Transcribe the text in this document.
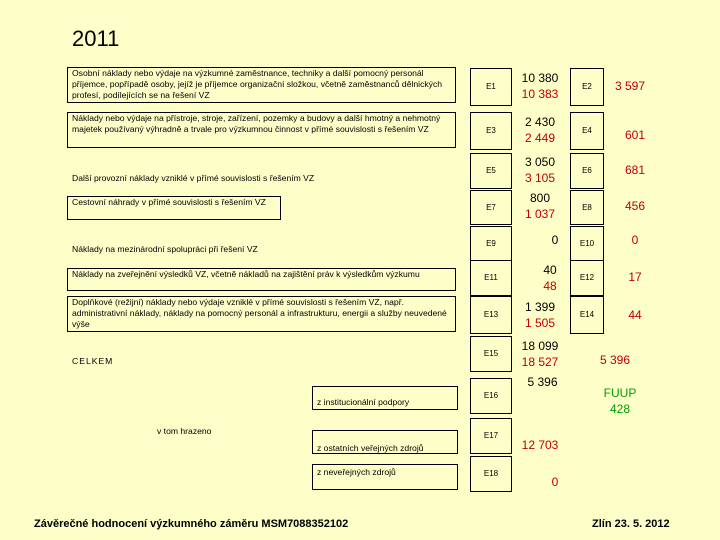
2011
Osobní náklady nebo výdaje na výzkumné zaměstnance, techniky a další pomocný personál příjemce, popřípadě osoby, jejíž je příjemce organizační složkou, včetně zaměstnanců dělnických profesí, podílejících se na řešení VZ
Náklady nebo výdaje na přístroje, stroje, zařízení, pozemky a budovy a další hmotný a nehmotný majetek používaný výhradně a trvale pro výzkumnou činnost v přímé souvislosti s řešením VZ
Další provozní náklady vzniklé v přímé souvislosti s řešením VZ
Cestovní náhrady v přímé souvislosti s řešením VZ
Náklady na mezinárodní spolupráci při řešení VZ
Náklady na zveřejnění výsledků VZ, včetně nákladů na zajištění práv k výsledkům výzkumu
Doplňkové (režijní) náklady nebo výdaje vzniklé v přímé souvislosti s řešením VZ, např. administrativní náklady, náklady na pomocný personál a infrastrukturu, energii a služby neuvedené výše
CELKEM
z institucionální podpory
v tom hrazeno
z ostatních veřejných zdrojů
z neveřejných zdrojů
E1
E3
E5
E7
E9
E11
E13
E15
E16
E17
E18
10 380
10 383
2 430
2 449
3 050
3 105
800
1 037
0
40
48
1 399
1 505
18 099
18 527
5 396
12 703
0
E2
E4
E6
E8
E10
E12
E14
3 597
601
681
456
0
17
44
5 396
FUUP
428
Závěrečné hodnocení výzkumného záměru MSM7088352102	Zlín 23. 5. 2012
